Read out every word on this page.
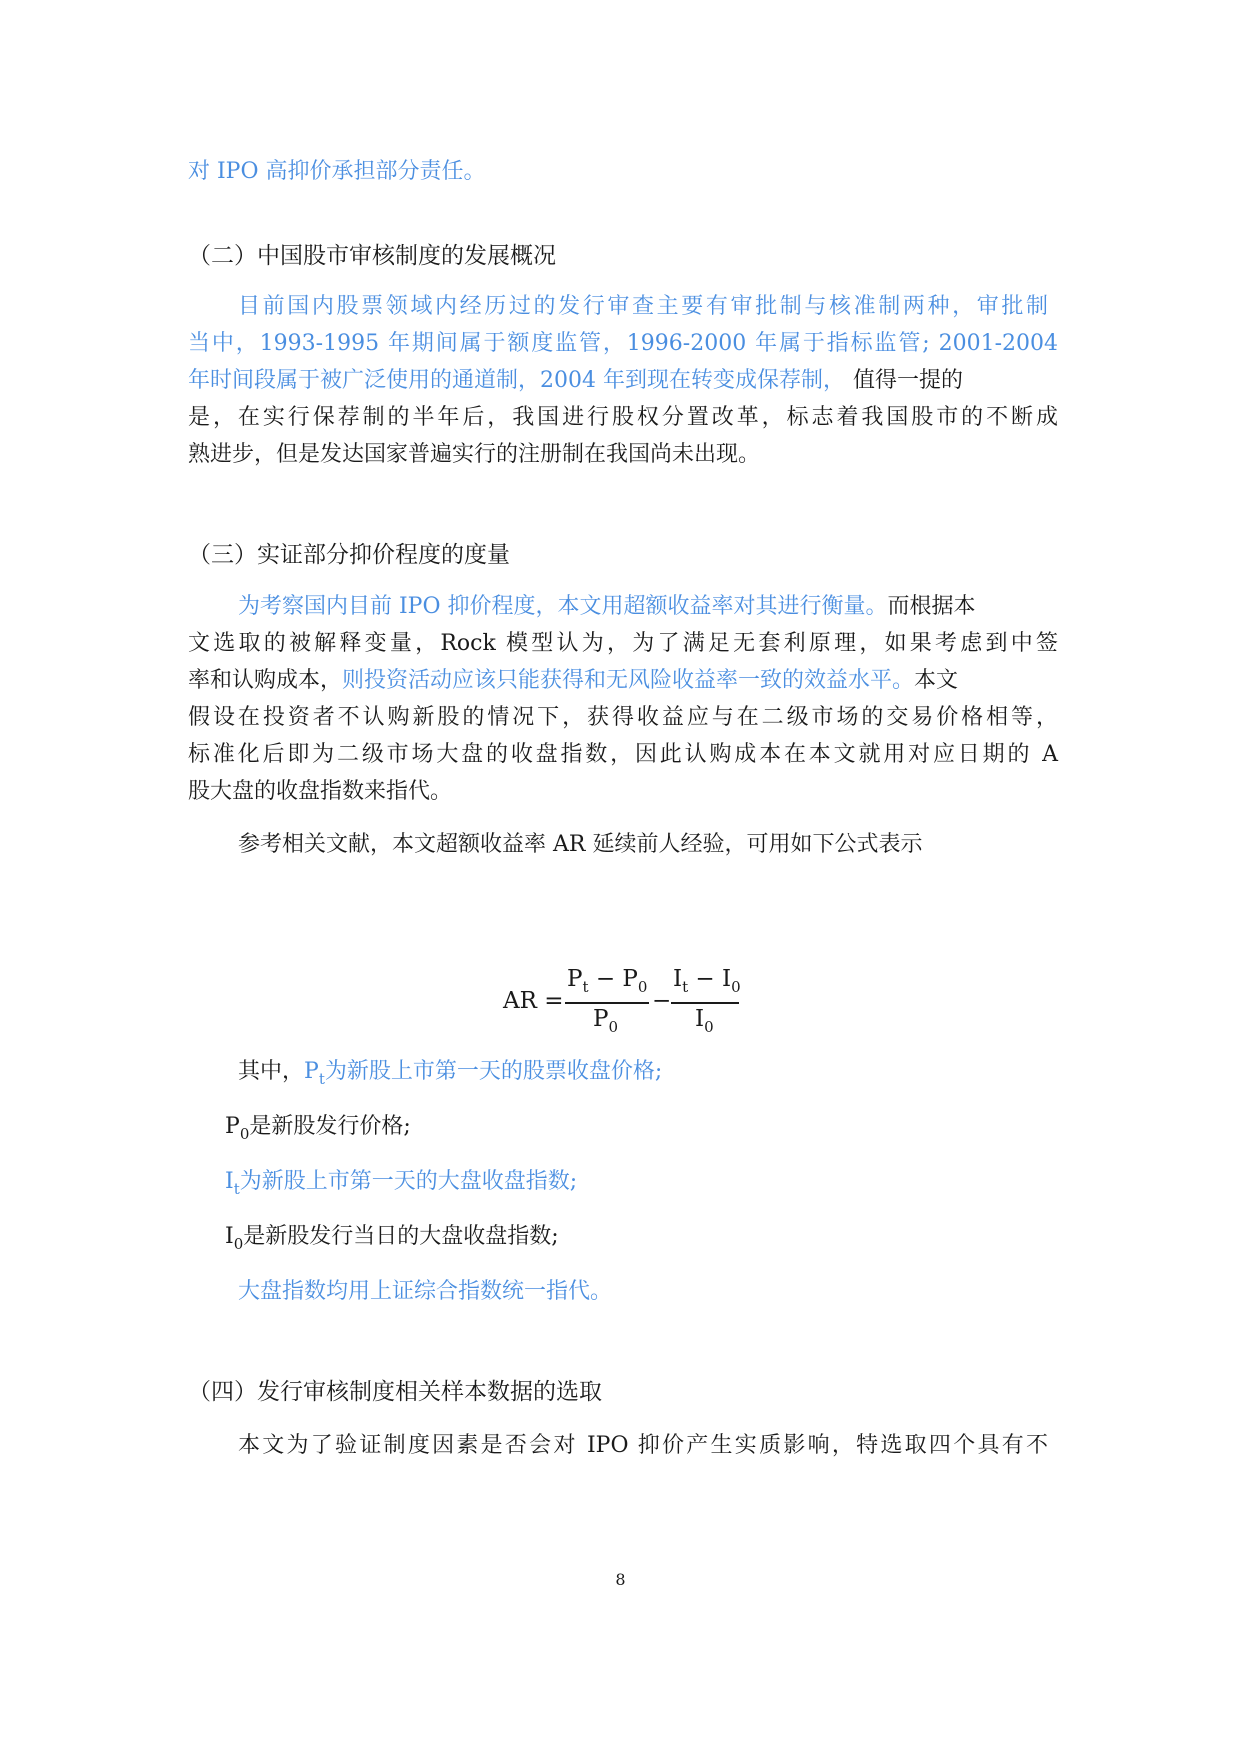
对 IPO 高抑价承担部分责任。
（二）中国股市审核制度的发展概况
目前国内股票领域内经历过的发行审查主要有审批制与核准制两种，审批制
当中，1993-1995 年期间属于额度监管，1996-2000 年属于指标监管; 2001-2004
年时间段属于被广泛使用的通道制，2004 年到现在转变成保荐制， 值得一提的
是，在实行保荐制的半年后，我国进行股权分置改革，标志着我国股市的不断成
熟进步，但是发达国家普遍实行的注册制在我国尚未出现。
（三）实证部分抑价程度的度量
为考察国内目前 IPO 抑价程度，本文用超额收益率对其进行衡量。而根据本
文选取的被解释变量，Rock 模型认为，为了满足无套利原理，如果考虑到中签
率和认购成本，则投资活动应该只能获得和无风险收益率一致的效益水平。本文
假设在投资者不认购新股的情况下，获得收益应与在二级市场的交易价格相等，
标准化后即为二级市场大盘的收盘指数，因此认购成本在本文就用对应日期的 A
股大盘的收盘指数来指代。
参考相关文献，本文超额收益率 AR 延续前人经验，可用如下公式表示
AR =
$P_t - P_0$
$P_0$
−
$I_t - I_0$
$I_0$
其中，$P_t$为新股上市第一天的股票收盘价格;
$P_0$是新股发行价格;
$I_t$为新股上市第一天的大盘收盘指数;
$I_0$是新股发行当日的大盘收盘指数;
大盘指数均用上证综合指数统一指代。
（四）发行审核制度相关样本数据的选取
本文为了验证制度因素是否会对 IPO 抑价产生实质影响，特选取四个具有不
8
